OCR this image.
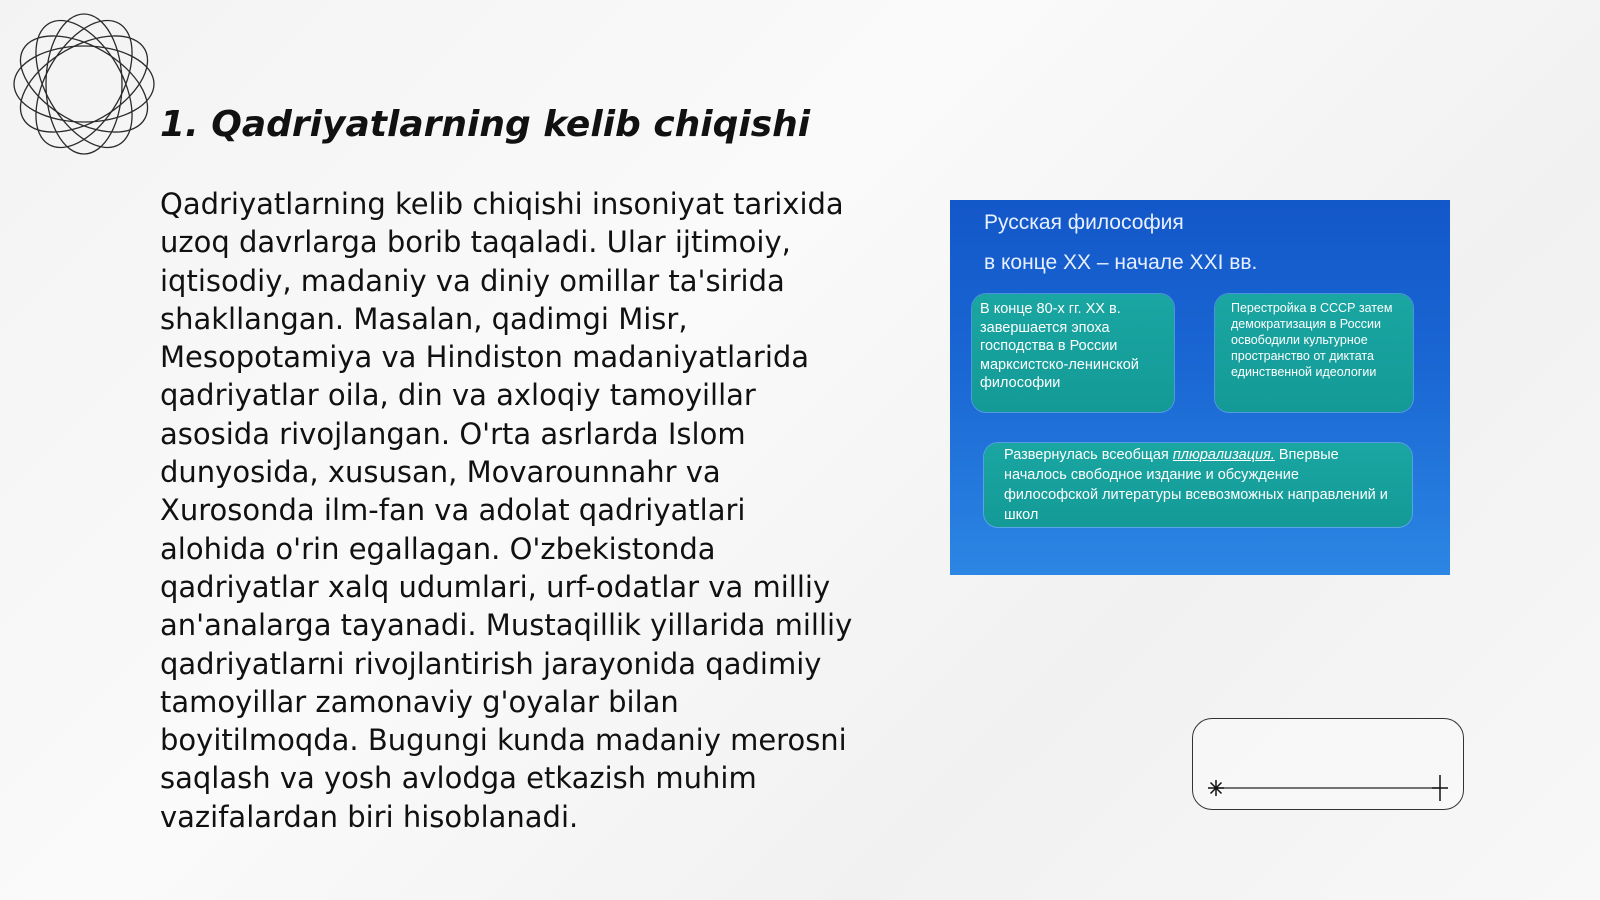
1. Qadriyatlarning kelib chiqishi

Qadriyatlarning kelib chiqishi insoniyat tarixida uzoq davrlarga borib taqaladi. Ular ijtimoiy, iqtisodiy, madaniy va diniy omillar ta'sirida shakllangan. Masalan, qadimgi Misr, Mesopotamiya va Hindiston madaniyatlarida qadriyatlar oila, din va axloqiy tamoyillar asosida rivojlangan. O'rta asrlarda Islom dunyosida, xususan, Movarounnahr va Xurosonda ilm-fan va adolat qadriyatlari alohida o'rin egallagan. O'zbekistonda qadriyatlar xalq udumlari, urf-odatlar va milliy an'analarga tayanadi. Mustaqillik yillarida milliy qadriyatlarni rivojlantirish jarayonida qadimiy tamoyillar zamonaviy g'oyalar bilan boyitilmoqda. Bugungi kunda madaniy merosni saqlash va yosh avlodga etkazish muhim vazifalardan biri hisoblanadi.

Русская философия
в конце XX – начале XXI вв.
В конце 80-х гг. XX в. завершается эпоха господства в России марксистско-ленинской философии
Перестройка в СССР затем демократизация в России освободили культурное пространство от диктата единственной идеологии
Развернулась всеобщая плюрализация. Впервые началось свободное издание и обсуждение философской литературы всевозможных направлений и школ
